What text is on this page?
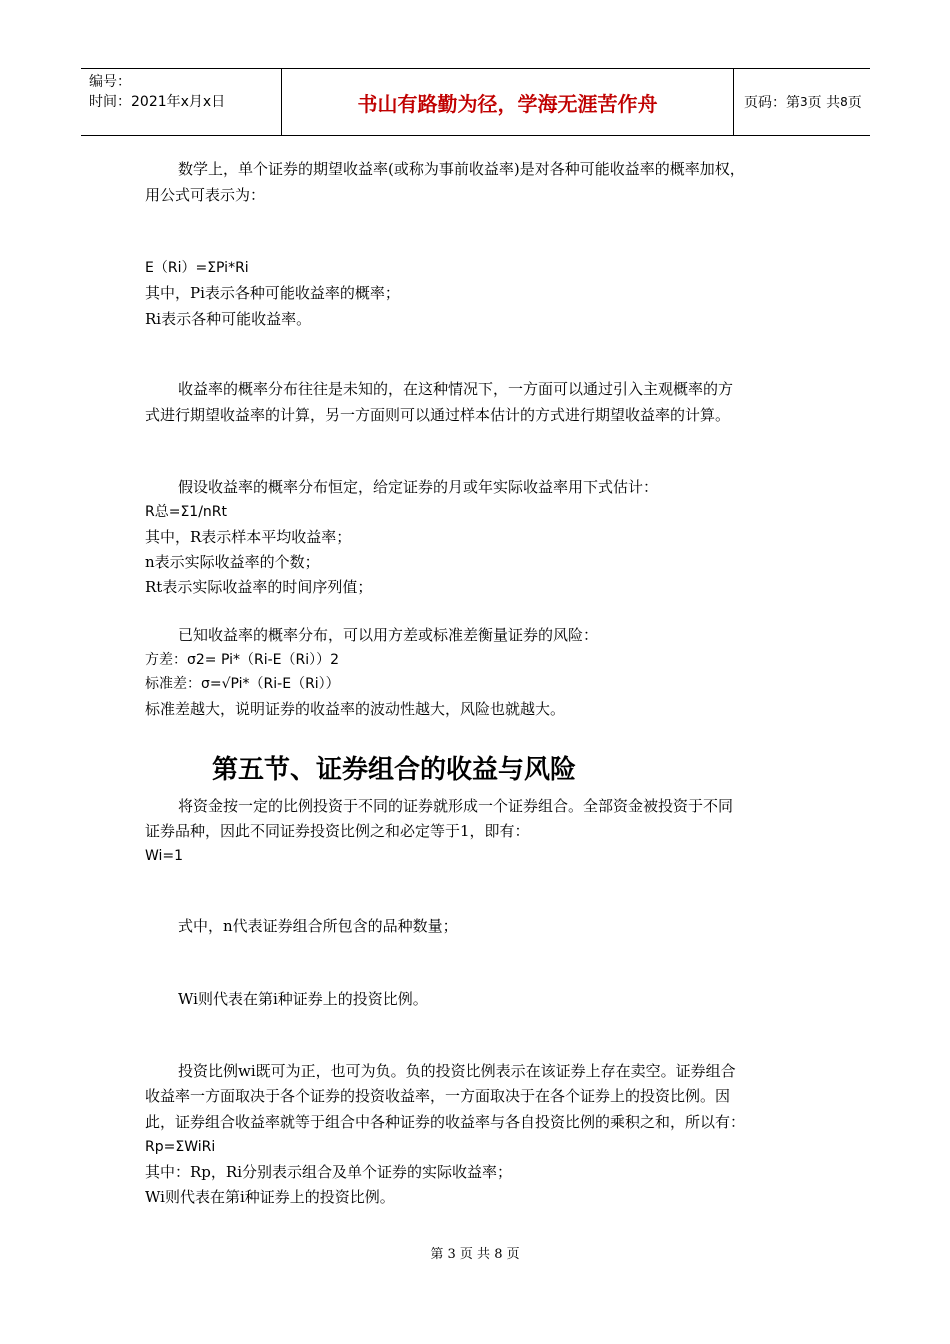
编号：
时间：2021年x月x日	书山有路勤为径，学海无涯苦作舟	页码：第 3 页 共 8 页
数学上，单个证券的期望收益率(或称为事前收益率)是对各种可能收益率的概率加权，
用公式可表示为：
E（Ri）=ΣPi*Ri
其中，Pi表示各种可能收益率的概率；
Ri表示各种可能收益率。
收益率的概率分布往往是未知的，在这种情况下，一方面可以通过引入主观概率的方
式进行期望收益率的计算，另一方面则可以通过样本估计的方式进行期望收益率的计算。
假设收益率的概率分布恒定，给定证券的月或年实际收益率用下式估计：
R总=Σ1/nRt
其中，R表示样本平均收益率；
n表示实际收益率的个数；
Rt表示实际收益率的时间序列值；
已知收益率的概率分布，可以用方差或标准差衡量证券的风险：
方差：σ2= Pi*（Ri-E（Ri））2
标准差：σ=√Pi*（Ri-E（Ri））
标准差越大，说明证券的收益率的波动性越大，风险也就越大。
第五节、证券组合的收益与风险
将资金按一定的比例投资于不同的证券就形成一个证券组合。全部资金被投资于不同
证券品种，因此不同证券投资比例之和必定等于1，即有：
Wi=1
式中，n代表证券组合所包含的品种数量；
Wi则代表在第i种证券上的投资比例。
投资比例wi既可为正，也可为负。负的投资比例表示在该证券上存在卖空。证券组合
收益率一方面取决于各个证券的投资收益率，一方面取决于在各个证券上的投资比例。因
此，证券组合收益率就等于组合中各种证券的收益率与各自投资比例的乘积之和，所以有：
Rp=ΣWiRi
其中：Rp，Ri分别表示组合及单个证券的实际收益率；
Wi则代表在第i种证券上的投资比例。
第 3 页 共 8 页
